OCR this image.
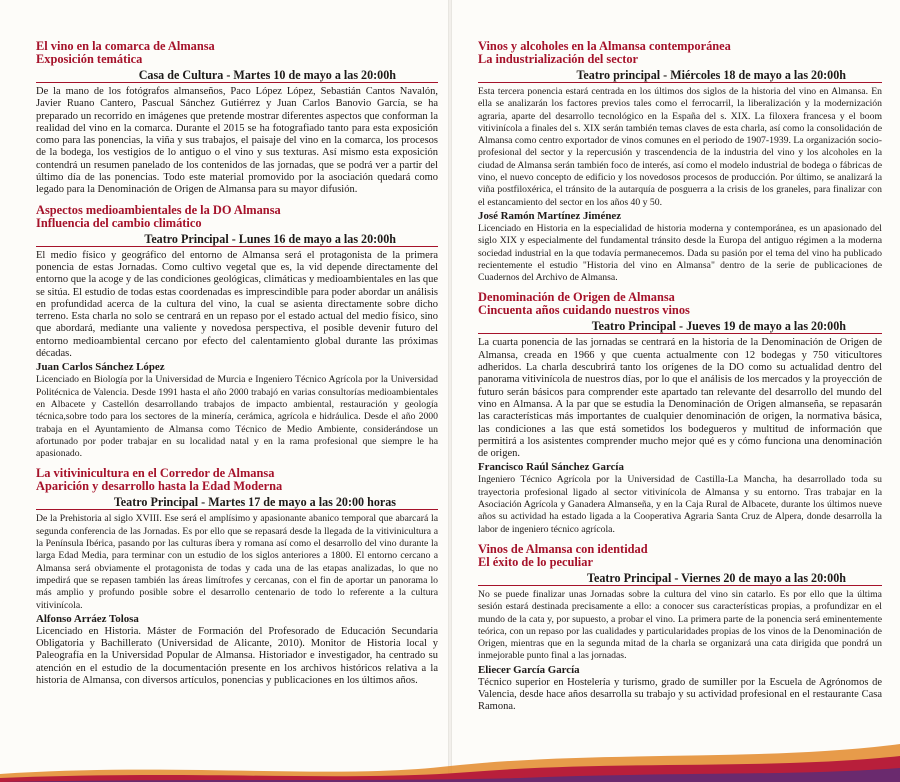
El vino en la comarca de Almansa

Exposición temática

Casa de Cultura - Martes 10 de mayo a las 20:00h

De la mano de los fotógrafos almanseños, Paco López López, Sebastián Cantos Navalón, Javier Ruano Cantero, Pascual Sánchez Gutiérrez y Juan Carlos Banovio García, se ha preparado un recorrido en imágenes que pretende mostrar diferentes aspectos que conforman la realidad del vino en la comarca. Durante el 2015 se ha fotografiado tanto para esta exposición como para las ponencias, la viña y sus trabajos, el paisaje del vino en la comarca, los procesos de la bodega, los vestigios de lo antiguo o el vino y sus texturas. Así mismo esta exposición contendrá un resumen panelado de los contenidos de las jornadas, que se podrá ver a partir del último día de las ponencias. Todo este material promovido por la asociación quedará como legado para la Denominación de Origen de Almansa para su mayor difusión.

Aspectos medioambientales de la DO Almansa

Influencia del cambio climático

Teatro Principal - Lunes 16 de mayo a las 20:00h

El medio físico y geográfico del entorno de Almansa será el protagonista de la primera ponencia de estas Jornadas. Como cultivo vegetal que es, la vid depende directamente del entorno que la acoge y de las condiciones geológicas, climáticas y medioambientales en las que se sitúa. El estudio de todas estas coordenadas es imprescindible para poder abordar un análisis en profundidad acerca de la cultura del vino, la cual se asienta directamente sobre dicho terreno. Esta charla no solo se centrará en un repaso por el estado actual del medio físico, sino que abordará, mediante una valiente y novedosa perspectiva, el posible devenir futuro del entorno medioambiental cercano por efecto del calentamiento global durante las próximas décadas.

Juan Carlos Sánchez López

Licenciado en Biología por la Universidad de Murcia e Ingeniero Técnico Agrícola por la Universidad Politécnica de Valencia. Desde 1991 hasta el año 2000 trabajó en varias consultorías medioambientales en Albacete y Castellón desarrollando trabajos de impacto ambiental, restauración y geología técnica,sobre todo para los sectores de la minería, cerámica, agrícola e hidráulica. Desde el año 2000 trabaja en el Ayuntamiento de Almansa como Técnico de Medio Ambiente, considerándose un afortunado por poder trabajar en su localidad natal y en la rama profesional que siempre le ha apasionado.

La vitivinicultura en el Corredor de Almansa

Aparición y desarrollo hasta la Edad Moderna

Teatro Principal - Martes 17 de mayo a las 20:00 horas

De la Prehistoria al siglo XVIII. Ese será el amplísimo y apasionante abanico temporal que abarcará la segunda conferencia de las Jornadas. Es por ello que se repasará desde la llegada de la vitivinicultura a la Península Ibérica, pasando por las culturas íbera y romana así como el desarrollo del vino durante la larga Edad Media, para terminar con un estudio de los siglos anteriores a 1800. El entorno cercano a Almansa será obviamente el protagonista de todas y cada una de las etapas analizadas, lo que no impedirá que se repasen también las áreas limítrofes y cercanas, con el fin de aportar un panorama lo más amplio y profundo posible sobre el desarrollo centenario de todo lo referente a la cultura vitivinícola.

Alfonso Arráez Tolosa

Licenciado en Historia. Máster de Formación del Profesorado de Educación Secundaria Obligatoria y Bachillerato (Universidad de Alicante, 2010). Monitor de Historia local y Paleografía en la Universidad Popular de Almansa. Historiador e investigador, ha centrado su atención en el estudio de la documentación presente en los archivos históricos relativa a la historia de Almansa, con diversos artículos, ponencias y publicaciones en los últimos años.

Vinos y alcoholes en la Almansa contemporánea

La industrialización del sector

Teatro principal - Miércoles 18 de mayo a las 20:00h

Esta tercera ponencia estará centrada en los últimos dos siglos de la historia del vino en Almansa. En ella se analizarán los factores previos tales como el ferrocarril, la liberalización y la modernización agraria, aparte del desarrollo tecnológico en la España del s. XIX. La filoxera francesa y el boom vitivinícola a finales del s. XIX serán también temas claves de esta charla, así como la consolidación de Almansa como centro exportador de vinos comunes en el periodo de 1907-1939. La organización socio-profesional del sector y la repercusión y trascendencia de la industria del vino y los alcoholes en la ciudad de Almansa serán también foco de interés, así como el modelo industrial de bodega o fábricas de vino, el nuevo concepto de edificio y los novedosos procesos de producción. Por último, se analizará la viña postfiloxérica, el tránsito de la autarquía de posguerra a la crisis de los graneles, para finalizar con el estancamiento del sector en los años 40 y 50.

José Ramón Martínez Jiménez

Licenciado en Historia en la especialidad de historia moderna y contemporánea, es un apasionado del siglo XIX y especialmente del fundamental tránsito desde la Europa del antiguo régimen a la moderna sociedad industrial en la que todavía permanecemos. Dada su pasión por el tema del vino ha publicado recientemente el estudio "Historia del vino en Almansa" dentro de la serie de publicaciones de Cuadernos del Archivo de Almansa.

Denominación de Origen de Almansa

Cincuenta años cuidando nuestros vinos

Teatro Principal - Jueves 19 de mayo a las 20:00h

La cuarta ponencia de las jornadas se centrará en la historia de la Denominación de Origen de Almansa, creada en 1966 y que cuenta actualmente con 12 bodegas y 750 viticultores adheridos. La charla descubrirá tanto los orígenes de la DO como su actualidad dentro del panorama vitivinícola de nuestros días, por lo que el análisis de los mercados y la proyección de futuro serán básicos para comprender este apartado tan relevante del desarrollo del mundo del vino en Almansa. A la par que se estudia la Denominación de Origen almanseña, se repasarán las características más importantes de cualquier denominación de origen, la normativa básica, las condiciones a las que está sometidos los bodegueros y multitud de información que permitirá a los asistentes comprender mucho mejor qué es y cómo funciona una denominación de origen.

Francisco Raúl Sánchez García

Ingeniero Técnico Agrícola por la Universidad de Castilla-La Mancha, ha desarrollado toda su trayectoria profesional ligado al sector vitivinícola de Almansa y su entorno. Tras trabajar en la Asociación Agrícola y Ganadera Almanseña, y en la Caja Rural de Albacete, durante los últimos nueve años su actividad ha estado ligada a la Cooperativa Agraria Santa Cruz de Alpera, donde desarrolla la labor de ingeniero técnico agrícola.

Vinos de Almansa con identidad

El éxito de lo peculiar

Teatro Principal - Viernes 20 de mayo a las 20:00h

No se puede finalizar unas Jornadas sobre la cultura del vino sin catarlo. Es por ello que la última sesión estará destinada precisamente a ello: a conocer sus características propias, a profundizar en el mundo de la cata y, por supuesto, a probar el vino. La primera parte de la ponencia será eminentemente teórica, con un repaso por las cualidades y particularidades propias de los vinos de la Denominación de Origen, mientras que en la segunda mitad de la charla se organizará una cata dirigida que pondrá un inmejorable punto final a las jornadas.

Eliecer García García

Técnico superior en Hostelería y turismo, grado de sumiller por la Escuela de Agrónomos de Valencia, desde hace años desarrolla su trabajo y su actividad profesional en el restaurante Casa Ramona.
